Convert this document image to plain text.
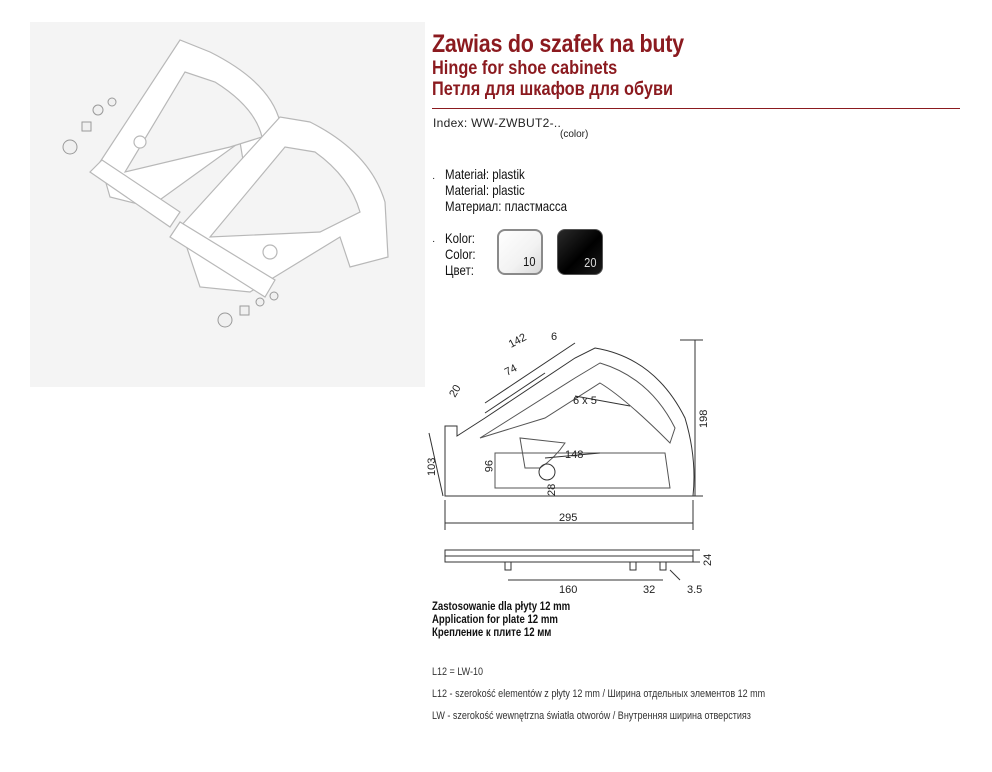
Zawias do szafek na buty
Hinge for shoe cabinets
Петля для шкафов для обуви
Index: WW-ZWBUT2-..
(color)
· Materiał: plastik
Material: plastic
Материал: пластмасса
· Kolor:
Color:
Цвет:
10	20
142 6
74
20
6 x 5
198
148
96
103
28
295
160	32
24
3.5
Zastosowanie dla płyty 12 mm
Application for plate 12 mm
Крепление к плите 12 мм
L12 = LW-10
L12 - szerokość elementów z płyty 12 mm / Ширина отдельных элементов 12 mm
LW - szerokość wewnętrzna światła otworów / Внутренняя ширина отверстияз
